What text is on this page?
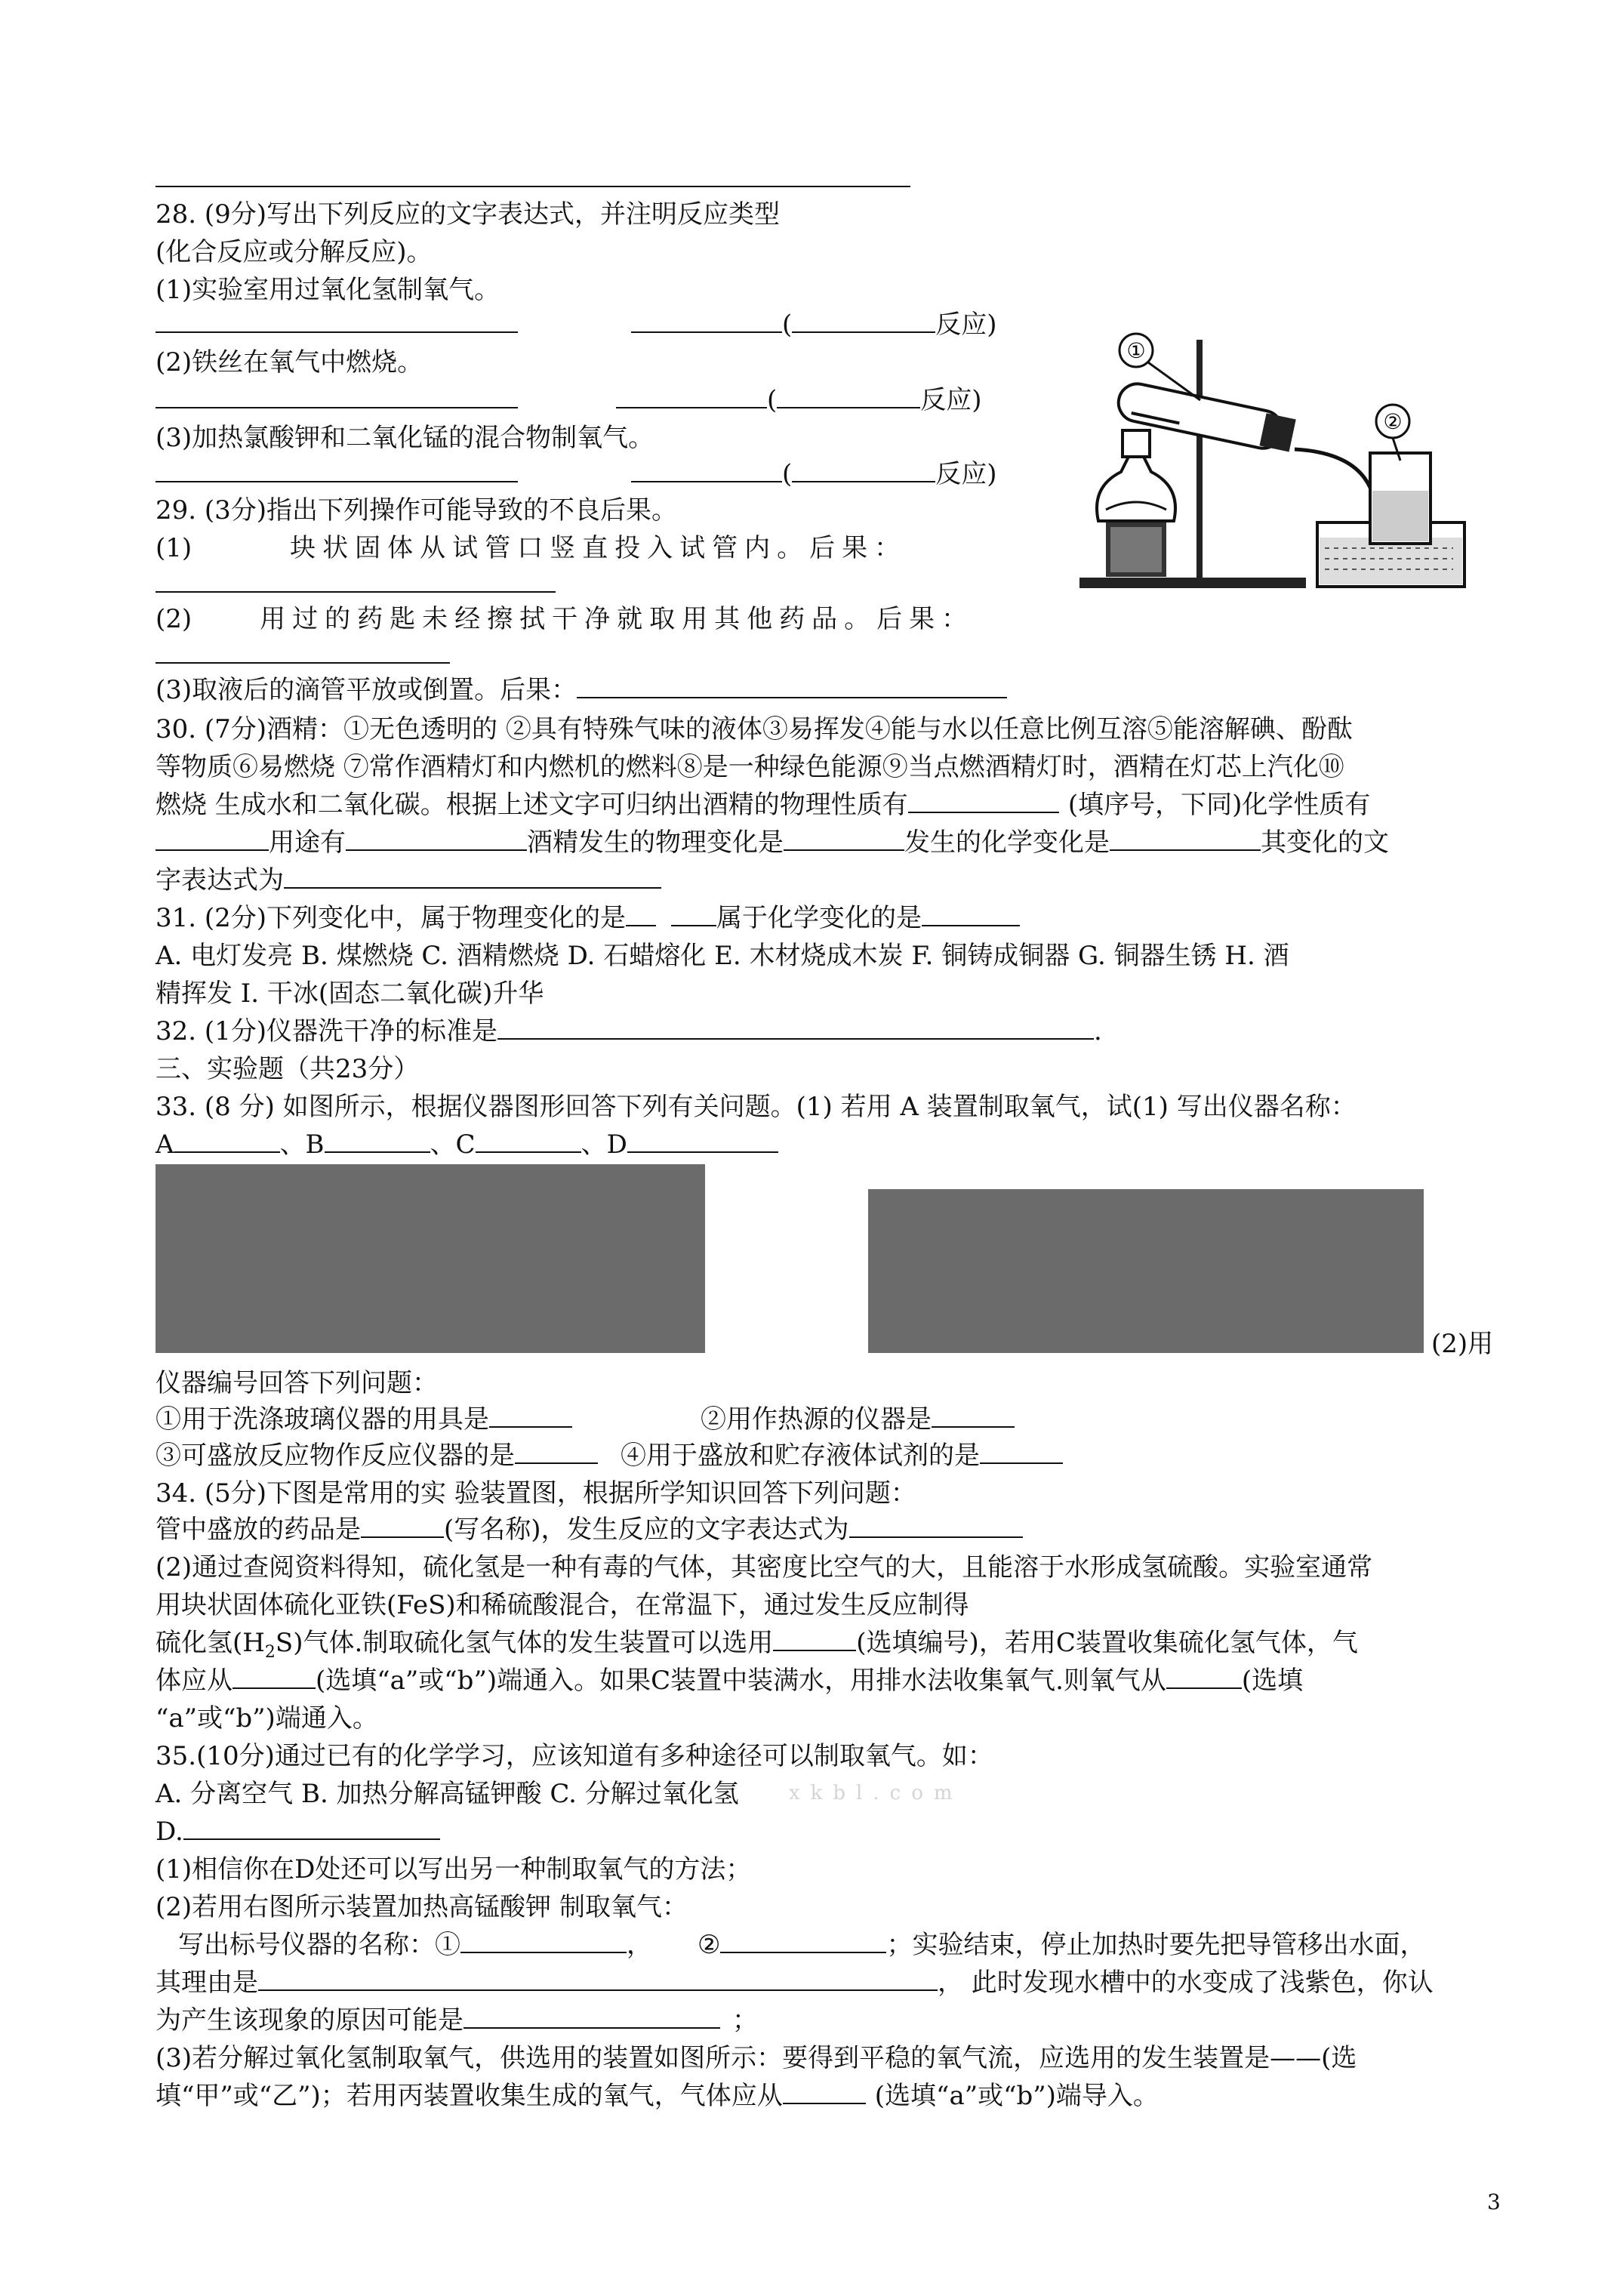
28. (9分)写出下列反应的文字表达式，并注明反应类型
(化合反应或分解反应)。
(1)实验室用过氧化氢制氧气。
(	反应)
(2)铁丝在氧气中燃烧。
(	反应)
(3)加热氯酸钾和二氧化锰的混合物制氧气。
(	反应)
①
②
29. (3分)指出下列操作可能导致的不良后果。
(1)	块状固体从试管口竖直投入试管内。后果：
(2)	用过的药匙未经擦拭干净就取用其他药品。后果：
(3)取液后的滴管平放或倒置。后果：
30. (7分)酒精：①无色透明的 ②具有特殊气味的液体③易挥发④能与水以任意比例互溶⑤能溶解碘、酚酞
等物质⑥易燃烧 ⑦常作酒精灯和内燃机的燃料⑧是一种绿色能源⑨当点燃酒精灯时，酒精在灯芯上汽化⑩
燃烧 生成水和二氧化碳。根据上述文字可归纳出酒精的物理性质有	(填序号，下同)化学性质有
用途有	酒精发生的物理变化是	发生的化学变化是	其变化的文
字表达式为
31. (2分)下列变化中，属于物理变化的是	属于化学变化的是
A. 电灯发亮 B. 煤燃烧 C. 酒精燃烧 D. 石蜡熔化 E. 木材烧成木炭 F. 铜铸成铜器 G. 铜器生锈 H. 酒
精挥发 I. 干冰(固态二氧化碳)升华
32. (1分)仪器洗干净的标准是	.
三、实验题（共23分）
33. (8 分) 如图所示，根据仪器图形回答下列有关问题。(1) 若用 A 装置制取氧气，试(1) 写出仪器名称：
A	、B	、C	、D
(2)用
仪器编号回答下列问题：
①用于洗涤玻璃仪器的用具是	②用作热源的仪器是
③可盛放反应物作反应仪器的是	④用于盛放和贮存液体试剂的是
34. (5分)下图是常用的实 验装置图，根据所学知识回答下列问题：
管中盛放的药品是	(写名称)，发生反应的文字表达式为
(2)通过查阅资料得知，硫化氢是一种有毒的气体，其密度比空气的大，且能溶于水形成氢硫酸。实验室通常
用块状固体硫化亚铁(FeS)和稀硫酸混合，在常温下，通过发生反应制得
硫化氢$(H_2S)$气体.制取硫化氢气体的发生装置可以选用	(选填编号)，若用C装置收集硫化氢气体，气
体应从	(选填“a”或“b”)端通入。如果C装置中装满水，用排水法收集氧气.则氧气从	(选填
“a”或“b”)端通入。
35.(10分)通过已有的化学学习，应该知道有多种途径可以制取氧气。如：
A. 分离空气 B. 加热分解高锰钾酸 C. 分解过氧化氢	xkbl.com
D.
(1)相信你在D处还可以写出另一种制取氧气的方法；
(2)若用右图所示装置加热高锰酸钾 制取氧气：
写出标号仪器的名称：①	， ②	；实验结束，停止加热时要先把导管移出水面，
其理由是	， 此时发现水槽中的水变成了浅紫色，你认
为产生该现象的原因可能是	；
(3)若分解过氧化氢制取氧气，供选用的装置如图所示：要得到平稳的氧气流，应选用的发生装置是——(选
填“甲”或“乙”)；若用丙装置收集生成的氧气，气体应从	(选填“a”或“b”)端导入。
3
